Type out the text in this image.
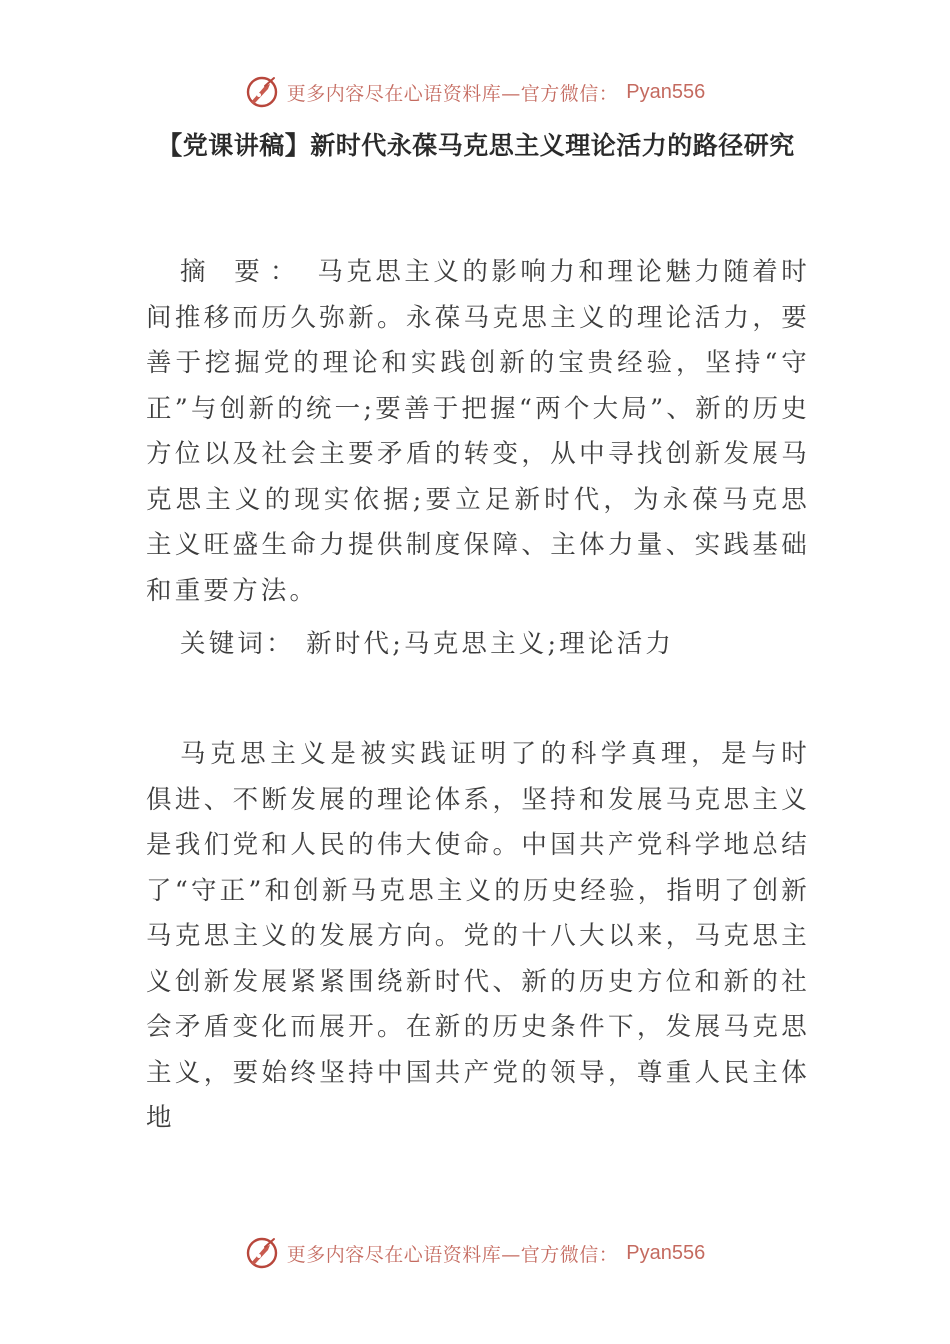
更多内容尽在心语资料库—官方微信： Pyan556
【党课讲稿】新时代永葆马克思主义理论活力的路径研究

摘 要： 马克思主义的影响力和理论魅力随着时间推移而历久弥新。永葆马克思主义的理论活力，要善于挖掘党的理论和实践创新的宝贵经验，坚持“守正”与创新的统一;要善于把握“两个大局”、新的历史方位以及社会主要矛盾的转变，从中寻找创新发展马克思主义的现实依据;要立足新时代，为永葆马克思主义旺盛生命力提供制度保障、主体力量、实践基础和重要方法。

关键词： 新时代;马克思主义;理论活力

马克思主义是被实践证明了的科学真理，是与时俱进、不断发展的理论体系，坚持和发展马克思主义是我们党和人民的伟大使命。中国共产党科学地总结了“守正”和创新马克思主义的历史经验，指明了创新马克思主义的发展方向。党的十八大以来，马克思主义创新发展紧紧围绕新时代、新的历史方位和新的社会矛盾变化而展开。在新的历史条件下，发展马克思主义，要始终坚持中国共产党的领导，尊重人民主体地

更多内容尽在心语资料库—官方微信： Pyan556
